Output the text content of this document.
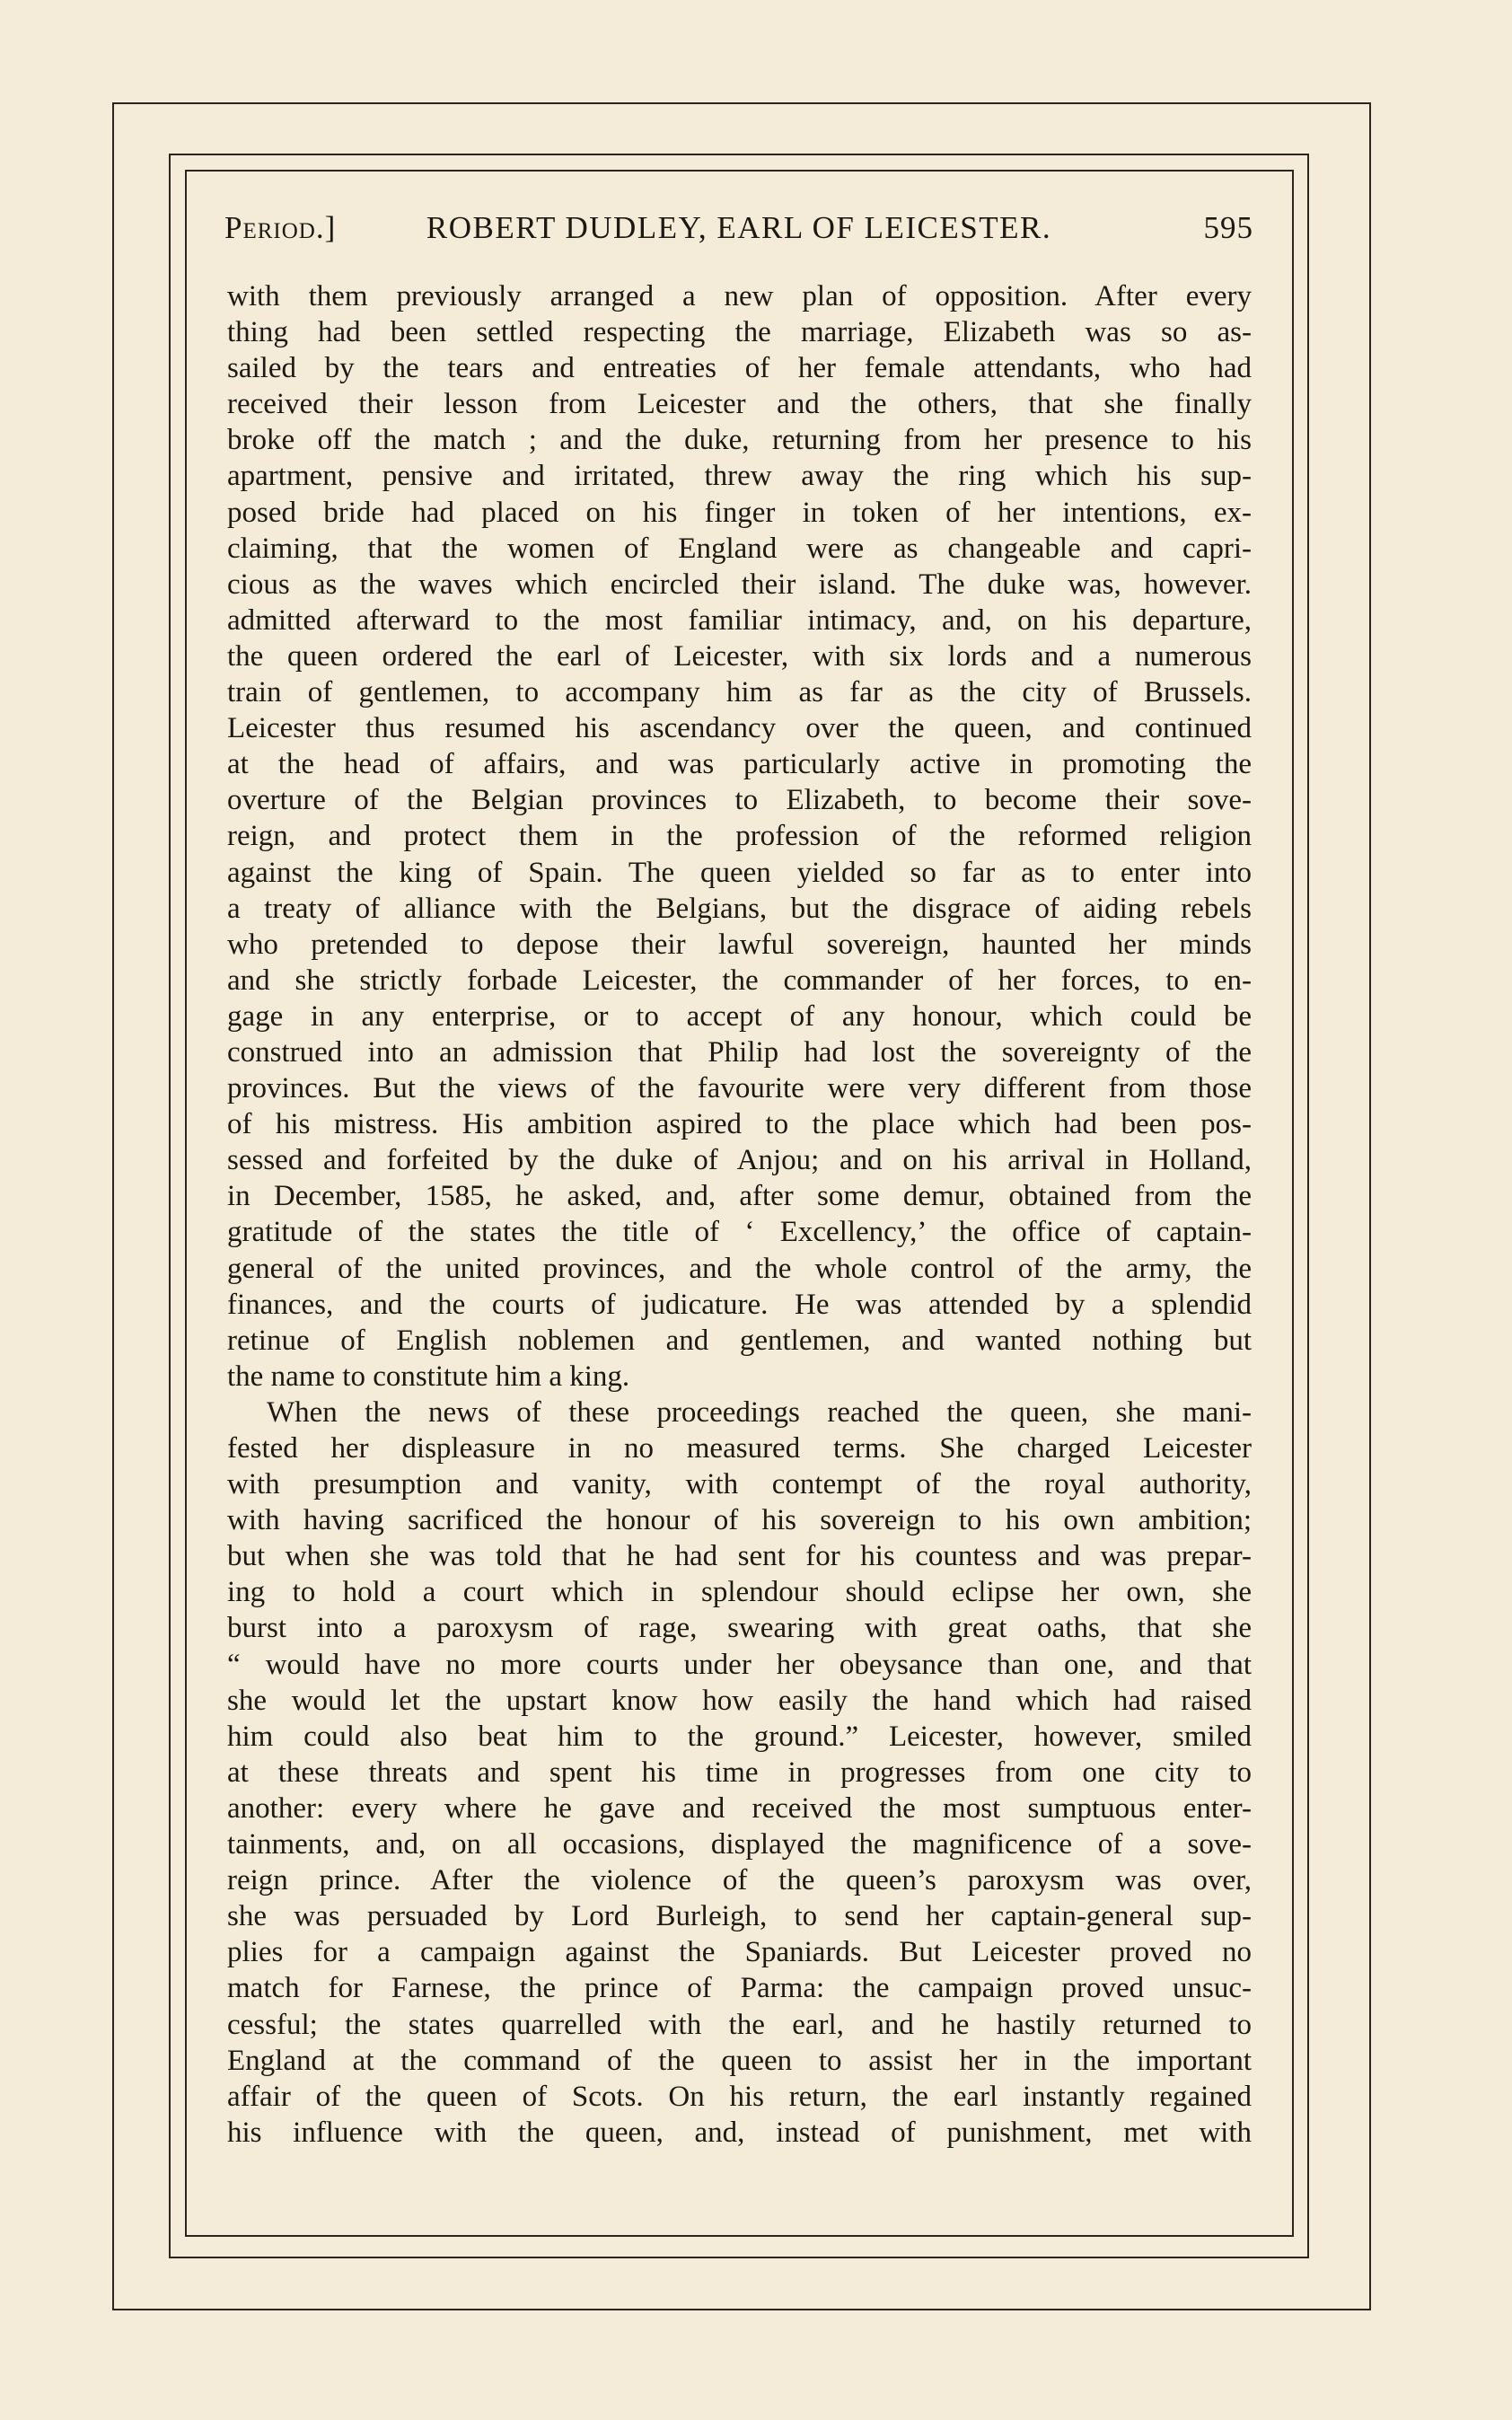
Period.]	ROBERT DUDLEY, EARL OF LEICESTER.	595
with them previously arranged a new plan of opposition. After every
thing had been settled respecting the marriage, Elizabeth was so as-
sailed by the tears and entreaties of her female attendants, who had
received their lesson from Leicester and the others, that she finally
broke off the match ; and the duke, returning from her presence to his
apartment, pensive and irritated, threw away the ring which his sup-
posed bride had placed on his finger in token of her intentions, ex-
claiming, that the women of England were as changeable and capri-
cious as the waves which encircled their island. The duke was, however.
admitted afterward to the most familiar intimacy, and, on his departure,
the queen ordered the earl of Leicester, with six lords and a numerous
train of gentlemen, to accompany him as far as the city of Brussels.
Leicester thus resumed his ascendancy over the queen, and continued
at the head of affairs, and was particularly active in promoting the
overture of the Belgian provinces to Elizabeth, to become their sove-
reign, and protect them in the profession of the reformed religion
against the king of Spain. The queen yielded so far as to enter into
a treaty of alliance with the Belgians, but the disgrace of aiding rebels
who pretended to depose their lawful sovereign, haunted her minds
and she strictly forbade Leicester, the commander of her forces, to en-
gage in any enterprise, or to accept of any honour, which could be
construed into an admission that Philip had lost the sovereignty of the
provinces. But the views of the favourite were very different from those
of his mistress. His ambition aspired to the place which had been pos-
sessed and forfeited by the duke of Anjou; and on his arrival in Holland,
in December, 1585, he asked, and, after some demur, obtained from the
gratitude of the states the title of ‘ Excellency,’ the office of captain-
general of the united provinces, and the whole control of the army, the
finances, and the courts of judicature. He was attended by a splendid
retinue of English noblemen and gentlemen, and wanted nothing but
the name to constitute him a king.
When the news of these proceedings reached the queen, she mani-
fested her displeasure in no measured terms. She charged Leicester
with presumption and vanity, with contempt of the royal authority,
with having sacrificed the honour of his sovereign to his own ambition;
but when she was told that he had sent for his countess and was prepar-
ing to hold a court which in splendour should eclipse her own, she
burst into a paroxysm of rage, swearing with great oaths, that she
“ would have no more courts under her obeysance than one, and that
she would let the upstart know how easily the hand which had raised
him could also beat him to the ground.” Leicester, however, smiled
at these threats and spent his time in progresses from one city to
another: every where he gave and received the most sumptuous enter-
tainments, and, on all occasions, displayed the magnificence of a sove-
reign prince. After the violence of the queen’s paroxysm was over,
she was persuaded by Lord Burleigh, to send her captain-general sup-
plies for a campaign against the Spaniards. But Leicester proved no
match for Farnese, the prince of Parma: the campaign proved unsuc-
cessful; the states quarrelled with the earl, and he hastily returned to
England at the command of the queen to assist her in the important
affair of the queen of Scots. On his return, the earl instantly regained
his influence with the queen, and, instead of punishment, met with
